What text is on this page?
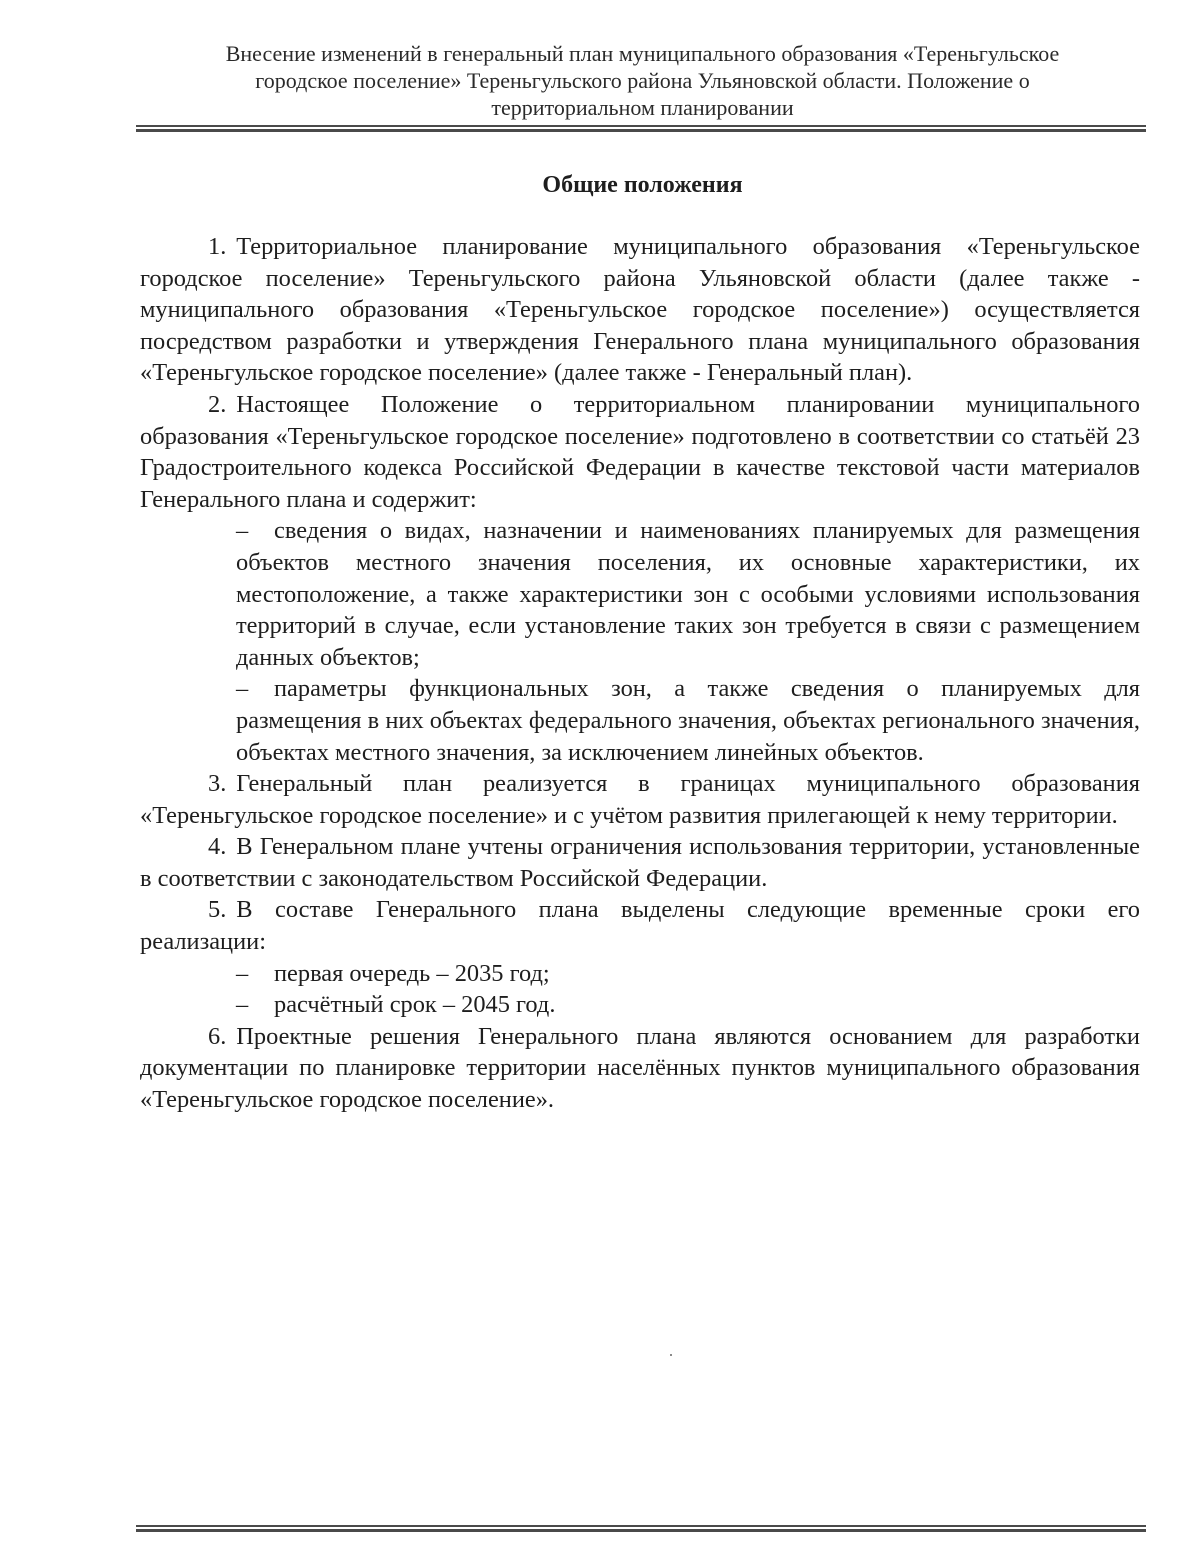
Внесение изменений в генеральный план муниципального образования «Тереньгульское
городское поселение» Тереньгульского района Ульяновской области. Положение о
территориальном планировании
Общие положения

1. Территориальное планирование муниципального образования «Тереньгульское городское поселение» Тереньгульского района Ульяновской области (далее также - муниципального образования «Тереньгульское городское поселение») осуществляется посредством разработки и утверждения Генерального плана муниципального образования «Тереньгульское городское поселение» (далее также - Генеральный план).

2. Настоящее Положение о территориальном планировании муниципального образования «Тереньгульское городское поселение» подготовлено в соответствии со статьёй 23 Градостроительного кодекса Российской Федерации в качестве текстовой части материалов Генерального плана и содержит:

– сведения о видах, назначении и наименованиях планируемых для размещения объектов местного значения поселения, их основные характеристики, их местоположение, а также характеристики зон с особыми условиями использования территорий в случае, если установление таких зон требуется в связи с размещением данных объектов;

– параметры функциональных зон, а также сведения о планируемых для размещения в них объектах федерального значения, объектах регионального значения, объектах местного значения, за исключением линейных объектов.

3. Генеральный план реализуется в границах муниципального образования «Тереньгульское городское поселение» и с учётом развития прилегающей к нему территории.

4. В Генеральном плане учтены ограничения использования территории, установленные в соответствии с законодательством Российской Федерации.

5. В составе Генерального плана выделены следующие временные сроки его реализации:

– первая очередь – 2035 год;

– расчётный срок – 2045 год.

6. Проектные решения Генерального плана являются основанием для разработки документации по планировке территории населённых пунктов муниципального образования «Тереньгульское городское поселение».
